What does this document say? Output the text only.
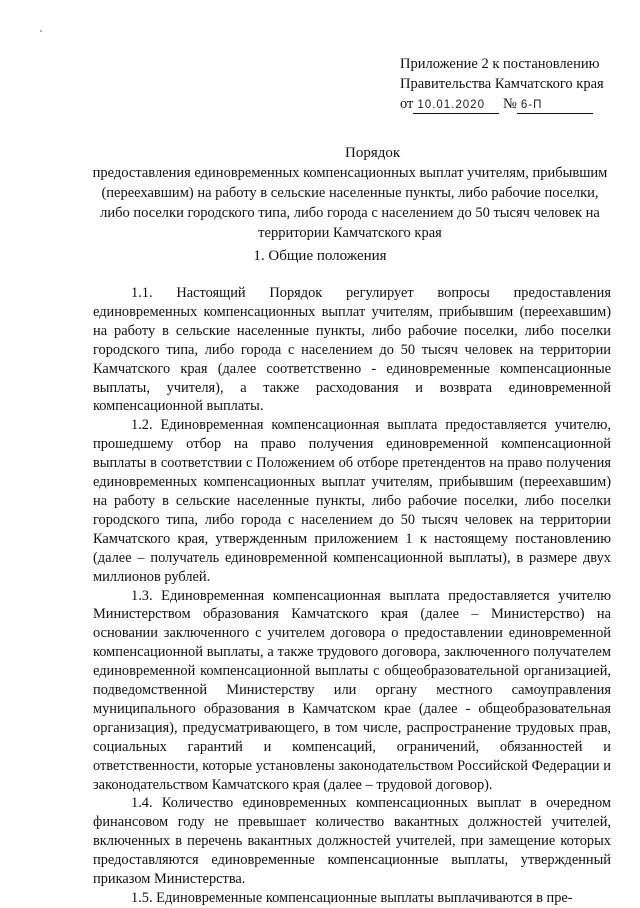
Приложение 2 к постановлению
Правительства Камчатского края
от 10.01.2020 № 6-П
Порядок
предоставления единовременных компенсационных выплат учителям, прибывшим (переехавшим) на работу в сельские населенные пункты, либо рабочие поселки, либо поселки городского типа, либо города с населением до 50 тысяч человек на территории Камчатского края
1. Общие положения

1.1. Настоящий Порядок регулирует вопросы предоставления единовременных компенсационных выплат учителям, прибывшим (переехавшим) на работу в сельские населенные пункты, либо рабочие поселки, либо поселки городского типа, либо города с населением до 50 тысяч человек на территории Камчатского края (далее соответственно - единовременные компенсационные выплаты, учителя), а также расходования и возврата единовременной компенсационной выплаты.

1.2. Единовременная компенсационная выплата предоставляется учителю, прошедшему отбор на право получения единовременной компенсационной выплаты в соответствии с Положением об отборе претендентов на право получения единовременных компенсационных выплат учителям, прибывшим (переехавшим) на работу в сельские населенные пункты, либо рабочие поселки, либо поселки городского типа, либо города с населением до 50 тысяч человек на территории Камчатского края, утвержденным приложением 1 к настоящему постановлению (далее – получатель единовременной компенсационной выплаты), в размере двух миллионов рублей.

1.3. Единовременная компенсационная выплата предоставляется учителю Министерством образования Камчатского края (далее – Министерство) на основании заключенного с учителем договора о предоставлении единовременной компенсационной выплаты, а также трудового договора, заключенного получателем единовременной компенсационной выплаты с общеобразовательной организацией, подведомственной Министерству или органу местного самоуправления муниципального образования в Камчатском крае (далее - общеобразовательная организация), предусматривающего, в том числе, распространение трудовых прав, социальных гарантий и компенсаций, ограничений, обязанностей и ответственности, которые установлены законодательством Российской Федерации и законодательством Камчатского края (далее – трудовой договор).

1.4. Количество единовременных компенсационных выплат в очередном финансовом году не превышает количество вакантных должностей учителей, включенных в перечень вакантных должностей учителей, при замещение которых предоставляются единовременные компенсационные выплаты, утвержденный приказом Министерства.

1.5. Единовременные компенсационные выплаты выплачиваются в пре-
